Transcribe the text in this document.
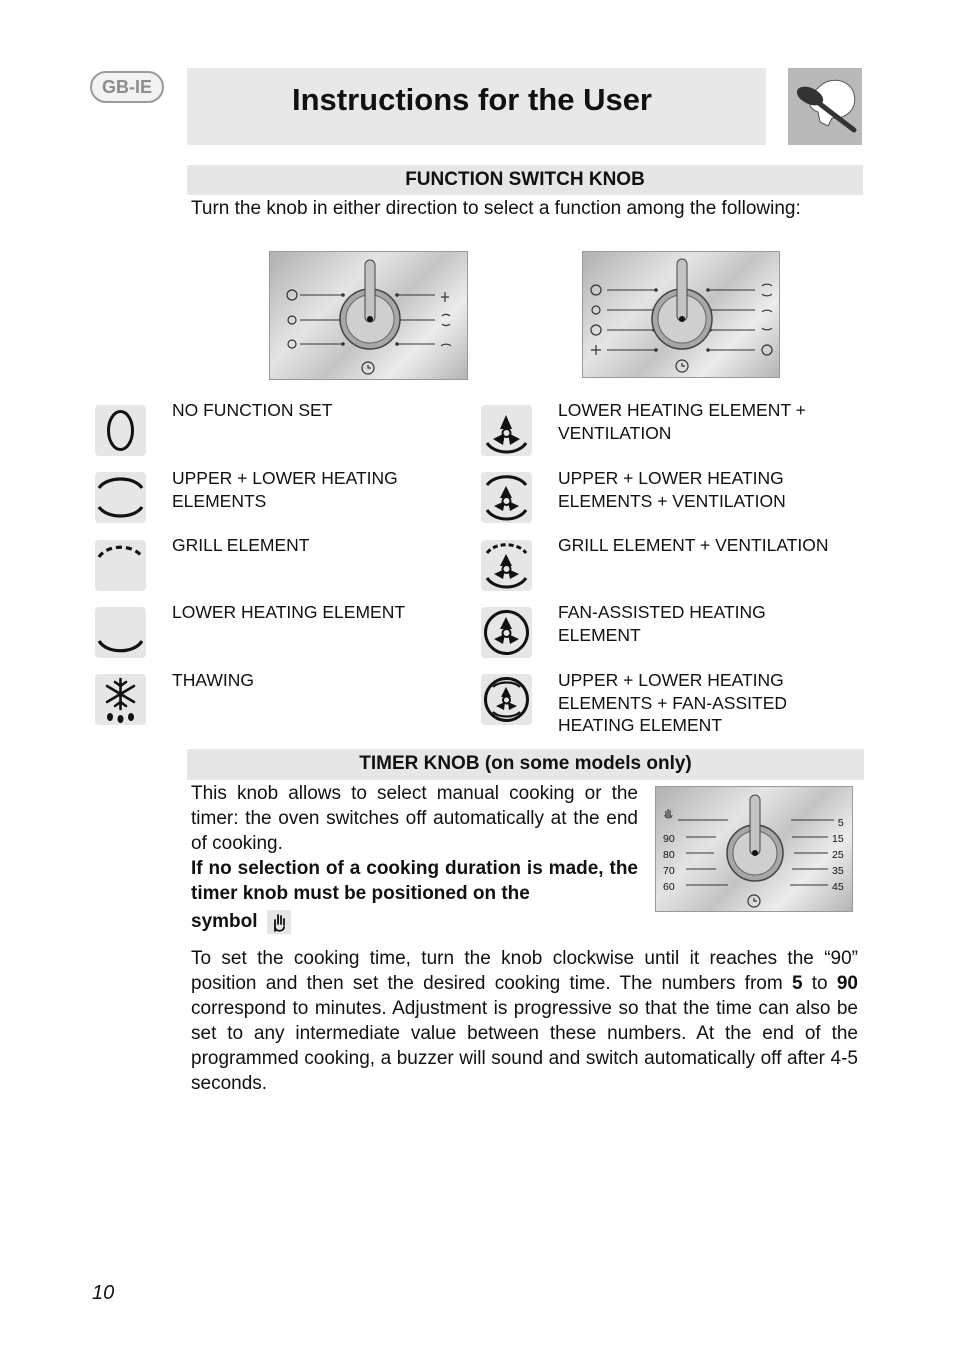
GB-IE	Instructions for the User
FUNCTION SWITCH KNOB
Turn the knob in either direction to select a function among the following:
NO FUNCTION SET
UPPER + LOWER HEATING ELEMENTS
GRILL ELEMENT
LOWER HEATING ELEMENT
THAWING
LOWER HEATING ELEMENT + VENTILATION
UPPER + LOWER HEATING ELEMENTS + VENTILATION
GRILL ELEMENT + VENTILATION
FAN-ASSISTED HEATING ELEMENT
UPPER + LOWER HEATING ELEMENTS + FAN-ASSITED HEATING ELEMENT
TIMER KNOB (on some models only)
This knob allows to select manual cooking or the timer: the oven switches off automatically at the end of cooking.
If no selection of a cooking duration is made, the timer knob must be positioned on the
symbol
90
80
70
60
5
15
25
35
45
To set the cooking time, turn the knob clockwise until it reaches the “90” position and then set the desired cooking time. The numbers from 5 to 90 correspond to minutes. Adjustment is progressive so that the time can also be set to any intermediate value between these numbers. At the end of the programmed cooking, a buzzer will sound and switch automatically off after 4-5 seconds.
10
